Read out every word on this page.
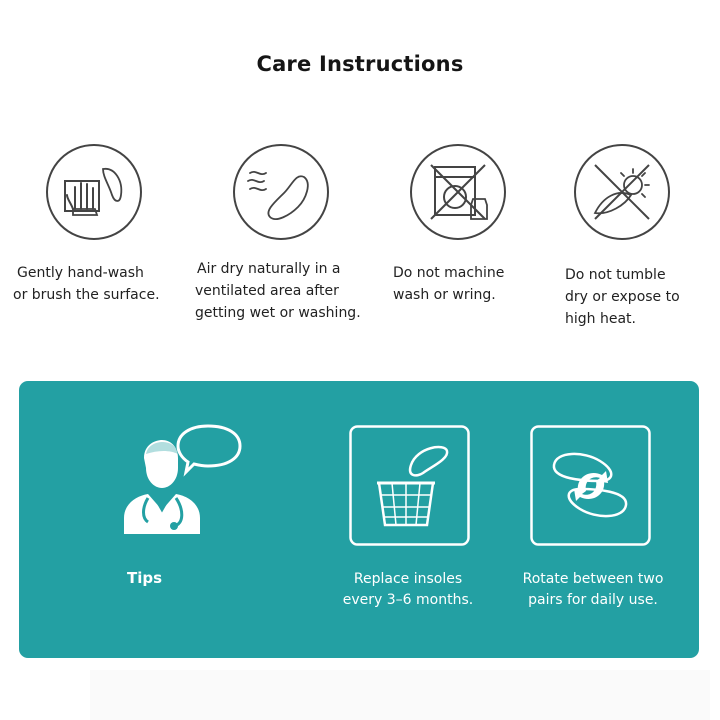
Care Instructions
Gently hand-wash
or brush the surface.
Air dry naturally in a
ventilated area after
getting wet or washing.
Do not machine
wash or wring.
Do not tumble
dry or expose to
high heat.
Tips	Replace insoles
every 3–6 months.
Rotate between two
pairs for daily use.
